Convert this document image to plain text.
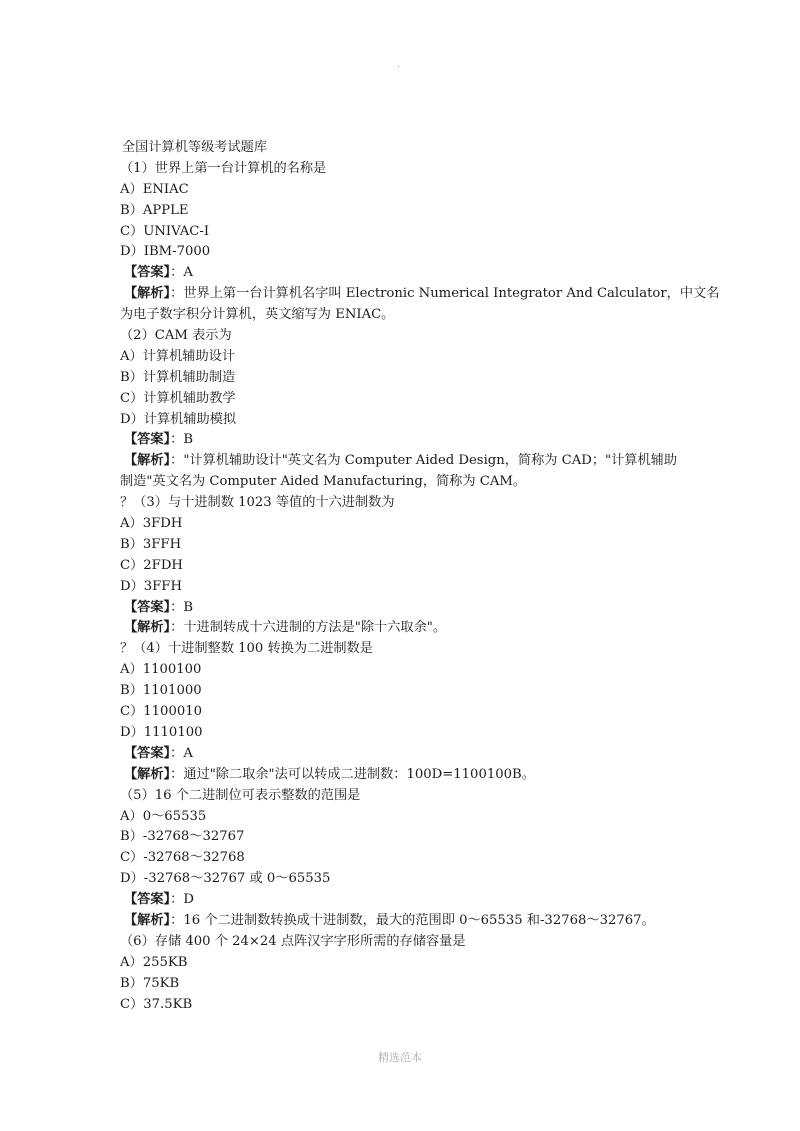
.
全国计算机等级考试题库
（1）世界上第一台计算机的名称是
A）ENIAC
B）APPLE
C）UNIVAC-I
D）IBM-7000
【答案】：A
【解析】：世界上第一台计算机名字叫 Electronic Numerical Integrator And Calculator，中文名
为电子数字积分计算机，英文缩写为 ENIAC。
（2）CAM 表示为
A）计算机辅助设计
B）计算机辅助制造
C）计算机辅助教学
D）计算机辅助模拟
【答案】：B
【解析】："计算机辅助设计"英文名为 Computer Aided Design，简称为 CAD；"计算机辅助
制造"英文名为 Computer Aided Manufacturing，简称为 CAM。
？（3）与十进制数 1023 等值的十六进制数为
A）3FDH
B）3FFH
C）2FDH
D）3FFH
【答案】：B
【解析】：十进制转成十六进制的方法是"除十六取余"。
？（4）十进制整数 100 转换为二进制数是
A）1100100
B）1101000
C）1100010
D）1110100
【答案】：A
【解析】：通过"除二取余"法可以转成二进制数：100D=1100100B。
（5）16 个二进制位可表示整数的范围是
A）0～65535
B）-32768～32767
C）-32768～32768
D）-32768～32767 或 0～65535
【答案】：D
【解析】：16 个二进制数转换成十进制数，最大的范围即 0～65535 和-32768～32767。
（6）存储 400 个 24×24 点阵汉字字形所需的存储容量是
A）255KB
B）75KB
C）37.5KB
精选范本
